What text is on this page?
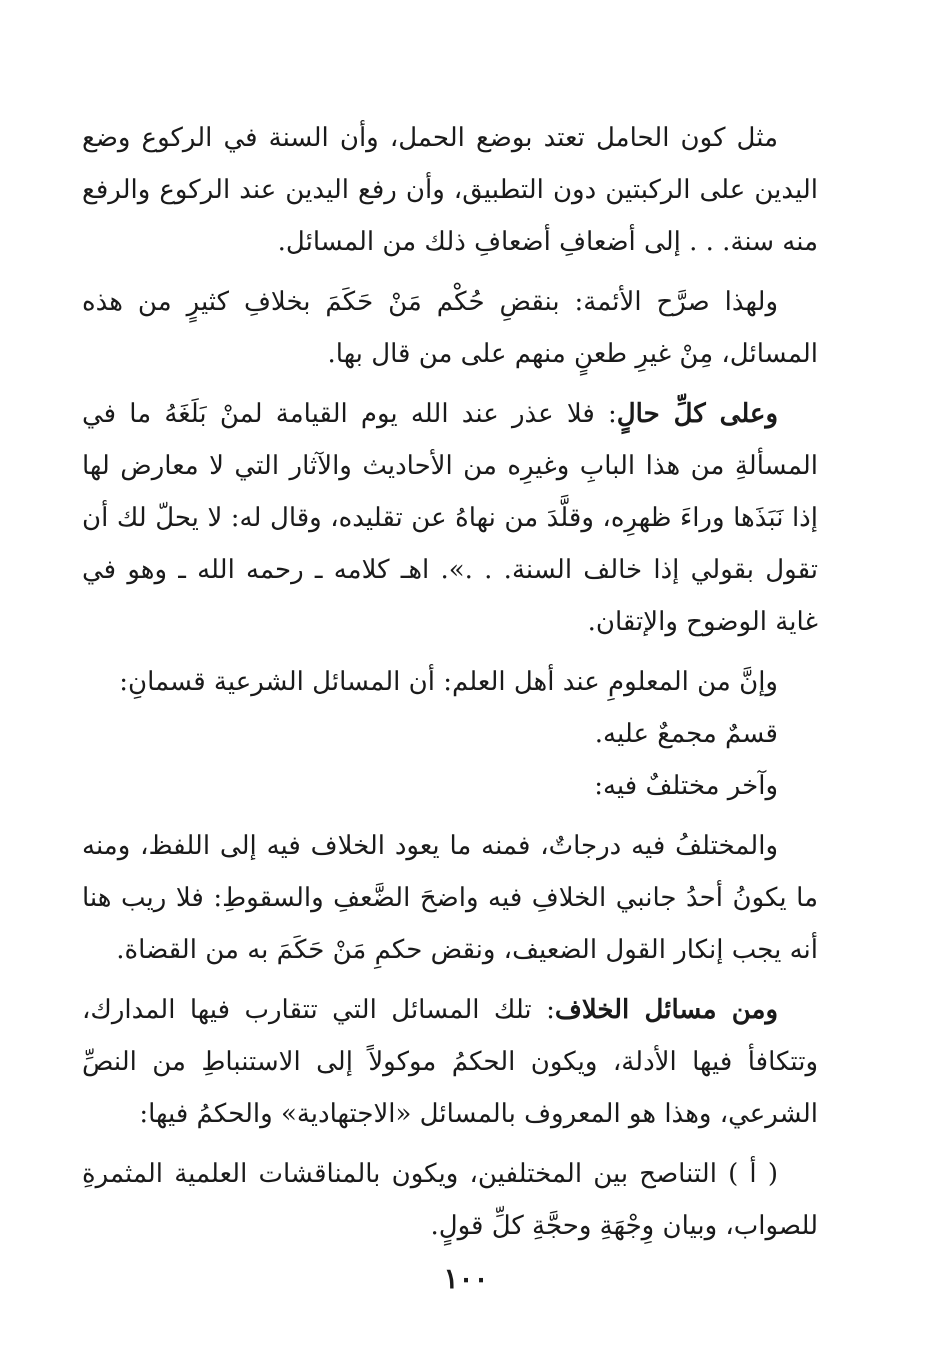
مثل كون الحامل تعتد بوضع الحمل، وأن السنة في الركوع وضع اليدين على الركبتين دون التطبيق، وأن رفع اليدين عند الركوع والرفع منه سنة. . . إلى أضعافِ أضعافِ ذلك من المسائل.

ولهذا صرَّح الأئمة: بنقضِ حُكْم مَنْ حَكَمَ بخلافِ كثيرٍ من هذه المسائل، مِنْ غيرِ طعنٍ منهم على من قال بها.

وعلى كلِّ حالٍ: فلا عذر عند الله يوم القيامة لمنْ بَلَغَهُ ما في المسألةِ من هذا البابِ وغيرِه من الأحاديث والآثار التي لا معارض لها إذا نَبَذَها وراءَ ظهرِه، وقلَّدَ من نهاهُ عن تقليده، وقال له: لا يحلّ لك أن تقول بقولي إذا خالف السنة. . .». اهـ كلامه ـ رحمه الله ـ وهو في غاية الوضوح والإتقان.

وإنَّ من المعلومِ عند أهل العلم: أن المسائل الشرعية قسمانِ:

قسمٌ مجمعٌ عليه.

وآخر مختلفٌ فيه:

والمختلفُ فيه درجاتٌ، فمنه ما يعود الخلاف فيه إلى اللفظ، ومنه ما يكونُ أحدُ جانبي الخلافِ فيه واضحَ الضَّعفِ والسقوطِ: فلا ريب هنا أنه يجب إنكار القول الضعيف، ونقض حكمِ مَنْ حَكَمَ به من القضاة.

ومن مسائل الخلاف: تلك المسائل التي تتقارب فيها المدارك، وتتكافأ فيها الأدلة، ويكون الحكمُ موكولاً إلى الاستنباطِ من النصِّ الشرعي، وهذا هو المعروف بالمسائل «الاجتهادية» والحكمُ فيها:

( أ ) التناصح بين المختلفين، ويكون بالمناقشات العلمية المثمرةِ للصواب، وبيان وِجْهَةِ وحجَّةِ كلِّ قولٍ.

١٠٠
